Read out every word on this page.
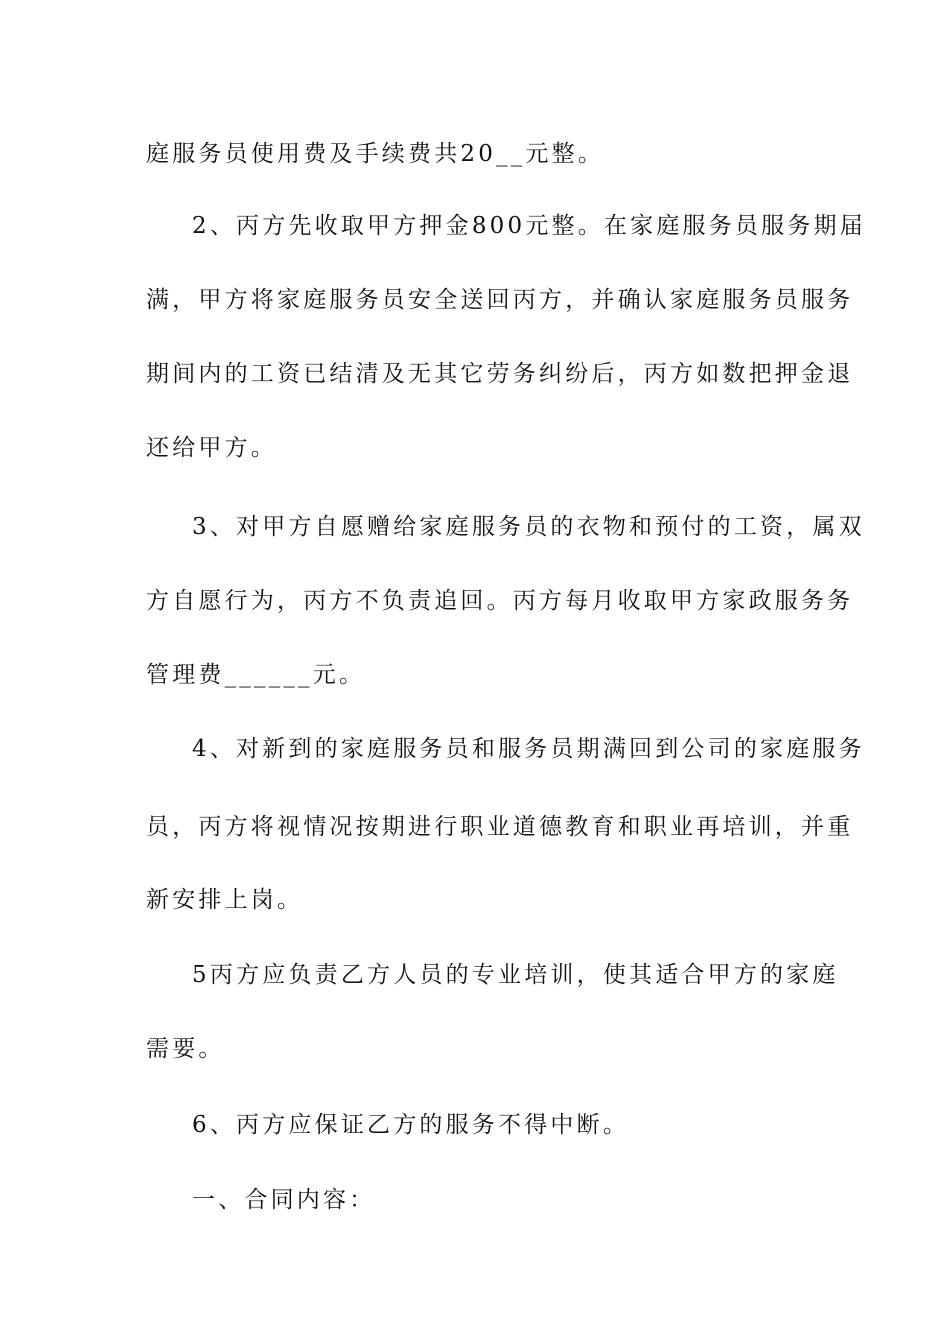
庭服务员使用费及手续费共20__元整。
2、丙方先收取甲方押金800元整。在家庭服务员服务期届
满，甲方将家庭服务员安全送回丙方，并确认家庭服务员服务
期间内的工资已结清及无其它劳务纠纷后，丙方如数把押金退
还给甲方。
3、对甲方自愿赠给家庭服务员的衣物和预付的工资，属双
方自愿行为，丙方不负责追回。丙方每月收取甲方家政服务务
管理费______元。
4、对新到的家庭服务员和服务员期满回到公司的家庭服务
员，丙方将视情况按期进行职业道德教育和职业再培训，并重
新安排上岗。
5丙方应负责乙方人员的专业培训，使其适合甲方的家庭
需要。
6、丙方应保证乙方的服务不得中断。
一、合同内容：
